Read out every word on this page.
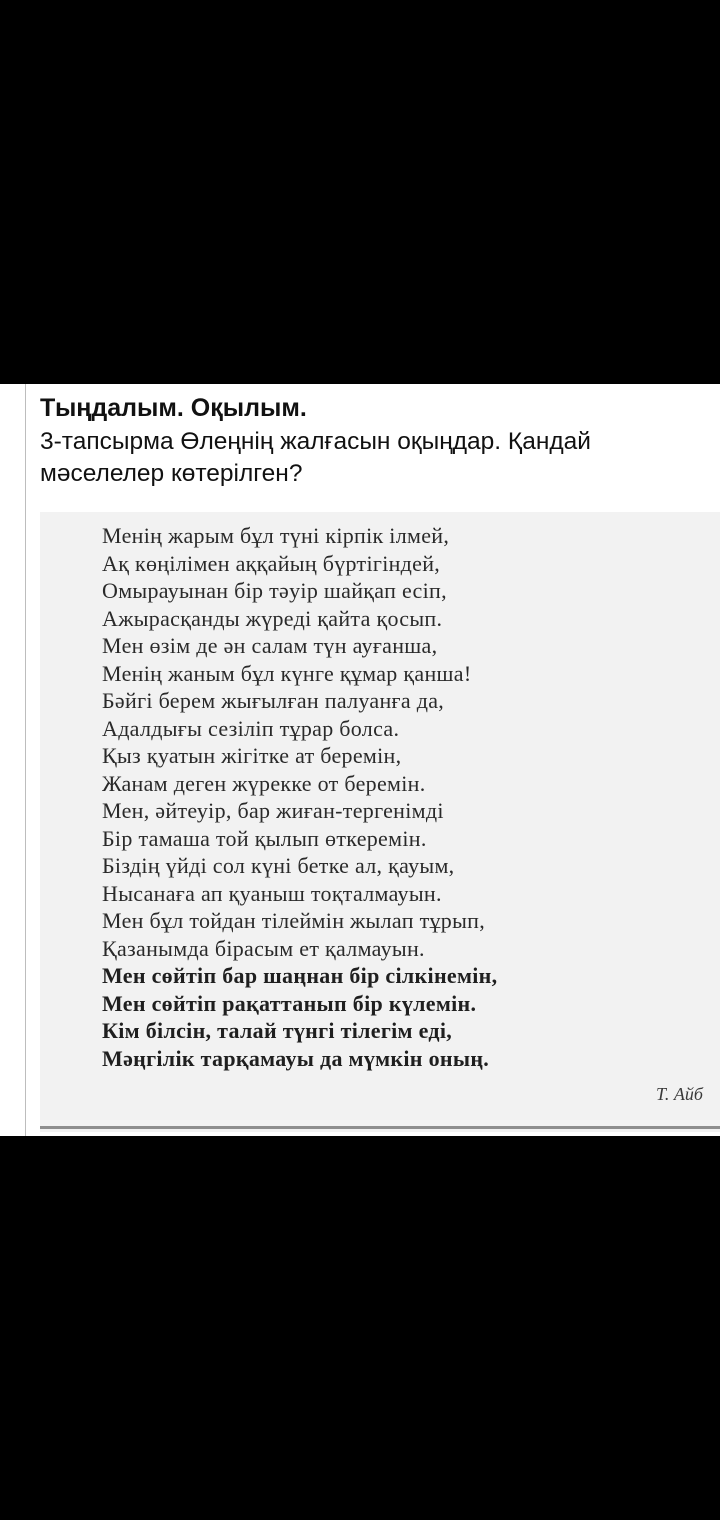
Тыңдалым. Оқылым.
3-тапсырма Өлеңнің жалғасын оқыңдар. Қандай мәселелер көтерілген?
Менің жарым бұл түні кірпік ілмей,
Ақ көңілімен аққайың бүртігіндей,
Омырауынан бір тәуір шайқап есіп,
Ажырасқанды жүреді қайта қосып.
Мен өзім де ән салам түн ауғанша,
Менің жаным бұл күнге құмар қанша!
Бәйгі берем жығылған палуанға да,
Адалдығы сезіліп тұрар болса.
Қыз қуатын жігітке ат беремін,
Жанам деген жүрекке от беремін.
Мен, әйтеуір, бар жиған-тергенімді
Бір тамаша той қылып өткеремін.
Біздің үйді сол күні бетке ал, қауым,
Нысанаға ап қуаныш тоқталмауын.
Мен бұл тойдан тілеймін жылап тұрып,
Қазанымда бірасым ет қалмауын.
Мен сөйтіп бар шаңнан бір сілкінемін,
Мен сөйтіп рақаттанып бір күлемін.
Кім білсін, талай түнгі тілегім еді,
Мәңгілік тарқамауы да мүмкін оның.
Т. Айб
